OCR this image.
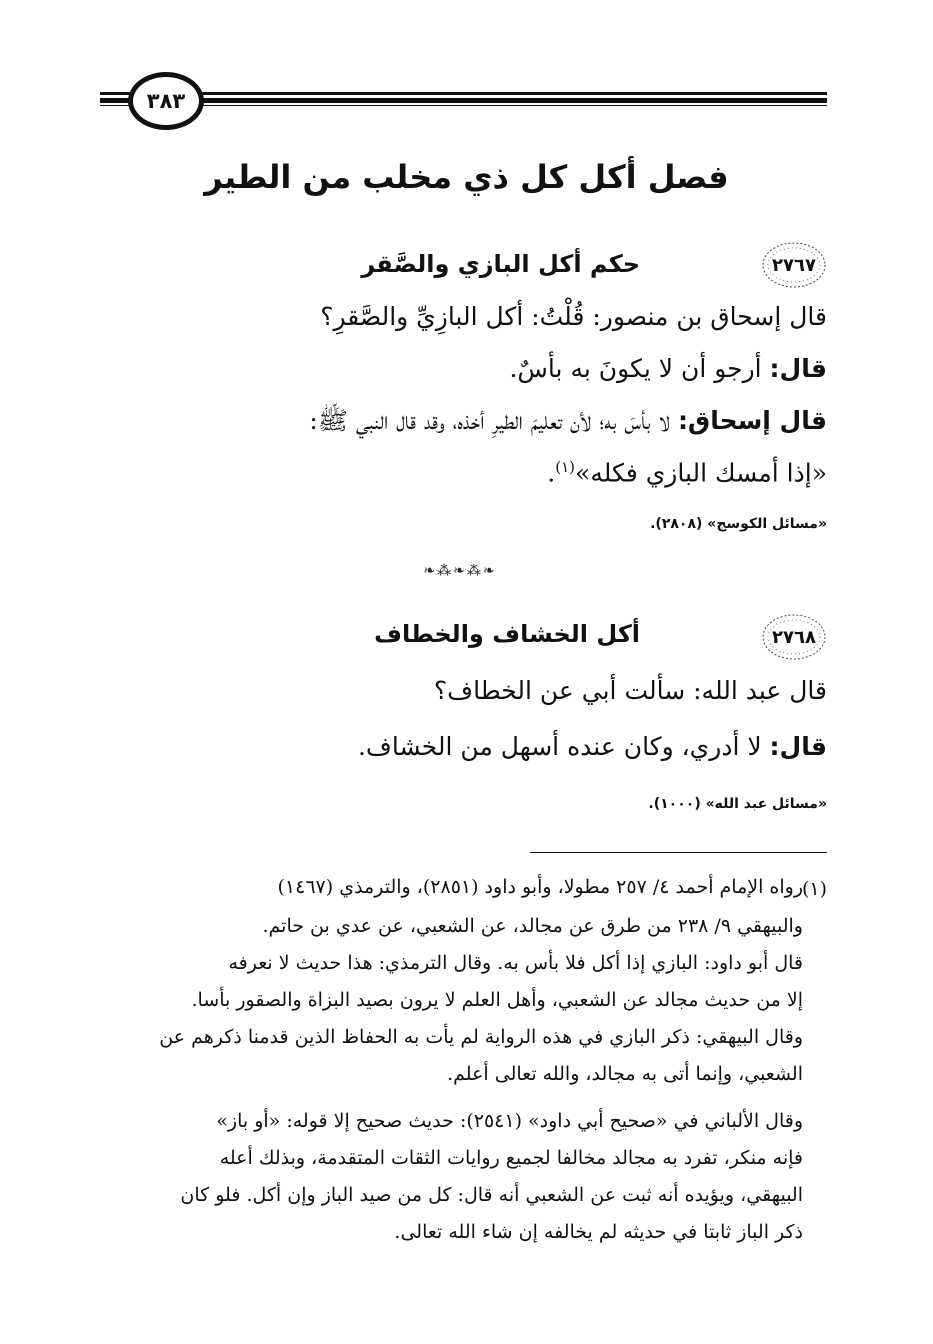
٣٨٣
فصل أكل كل ذي مخلب من الطير
٢٧٦٧
حكم أكل البازي والصَّقر
قال إسحاق بن منصور: قُلْتُ: أكل البازِيِّ والصَّقرِ؟
قال: أرجو أن لا يكونَ به بأسٌ.
قال إسحاق: لا بأسَ به؛ لأن تعليمَ الطيرِ أخذه، وقد قال النبي ﷺ:
«إذا أمسك البازي فكله»$^{(١)}$.
«مسائل الكوسج» (٢٨٠٨).
❧⁂❧⁂❧
٢٧٦٨
أكل الخشاف والخطاف
قال عبد الله: سألت أبي عن الخطاف؟
قال: لا أدري، وكان عنده أسهل من الخشاف.
«مسائل عبد الله» (١٠٠٠).
(١)
رواه الإمام أحمد ٤/ ٢٥٧ مطولا، وأبو داود (٢٨٥١)، والترمذي (١٤٦٧)
والبيهقي ٩/ ٢٣٨ من طرق عن مجالد، عن الشعبي، عن عدي بن حاتم.
قال أبو داود: البازي إذا أكل فلا بأس به. وقال الترمذي: هذا حديث لا نعرفه
إلا من حديث مجالد عن الشعبي، وأهل العلم لا يرون بصيد البزاة والصقور بأسا.
وقال البيهقي: ذكر البازي في هذه الرواية لم يأت به الحفاظ الذين قدمنا ذكرهم عن
الشعبي، وإنما أتى به مجالد، والله تعالى أعلم.
وقال الألباني في «صحيح أبي داود» (٢٥٤١): حديث صحيح إلا قوله: «أو باز»
فإنه منكر، تفرد به مجالد مخالفا لجميع روايات الثقات المتقدمة، وبذلك أعله
البيهقي، ويؤيده أنه ثبت عن الشعبي أنه قال: كل من صيد الباز وإن أكل. فلو كان
ذكر الباز ثابتا في حديثه لم يخالفه إن شاء الله تعالى.
